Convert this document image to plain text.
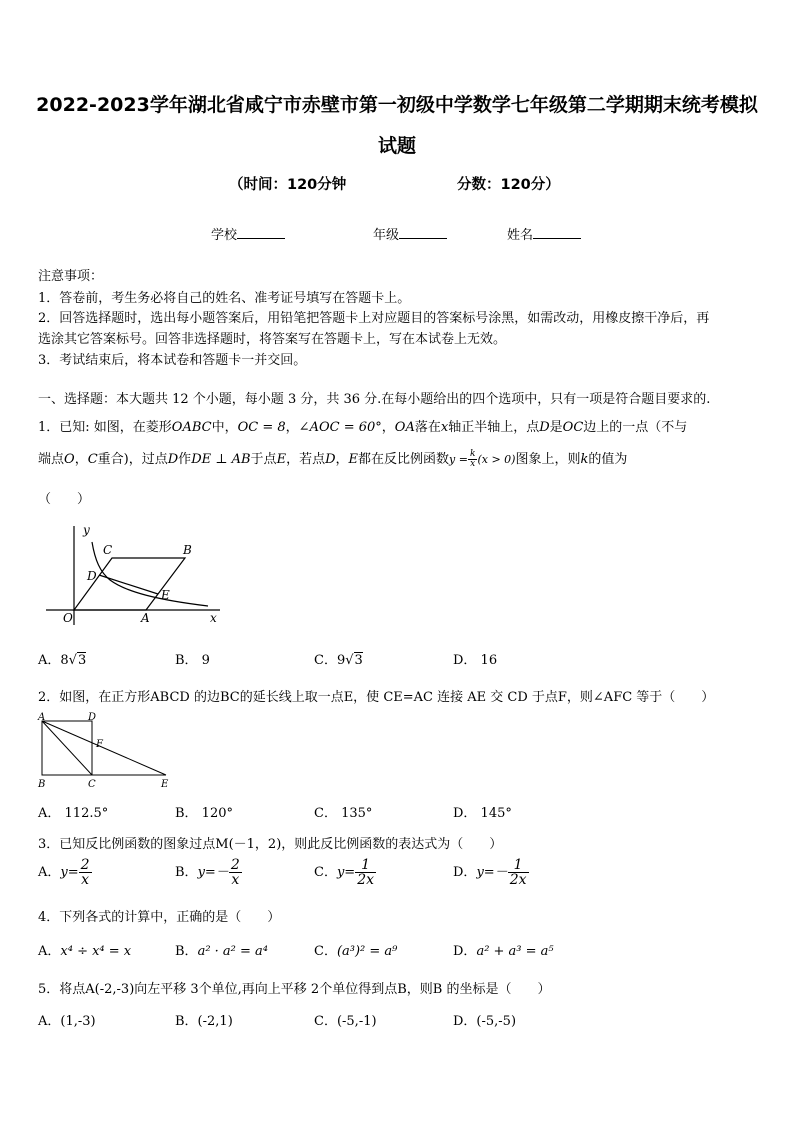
2022-2023学年湖北省咸宁市赤壁市第一初级中学数学七年级第二学期期末统考模拟
试题
（时间：120分钟	分数：120分）
学校	年级	姓名
注意事项：
1．答卷前，考生务必将自己的姓名、准考证号填写在答题卡上。
2．回答选择题时，选出每小题答案后，用铅笔把答题卡上对应题目的答案标号涂黑，如需改动，用橡皮擦干净后，再
选涂其它答案标号。回答非选择题时，将答案写在答题卡上，写在本试卷上无效。
3．考试结束后，将本试卷和答题卡一并交回。
一、选择题：本大题共 12 个小题，每小题 3 分，共 36 分.在每小题给出的四个选项中，只有一项是符合题目要求的.
1．已知: 如图，在菱形OABC中，OC = 8，∠AOC = 60°，OA落在x轴正半轴上，点D是OC边上的一点（不与
端点O，C重合)，过点D作DE ⊥ AB于点E，若点D，E都在反比例函数$y = \frac{k}{x} (x > 0)$图象上，则k的值为
（　　）
y
C	B
D
E
O	A	x
A．8√3	B． 9	C．9√3	D． 16
2．如图，在正方形ABCD 的边BC的延长线上取一点E，使 CE=AC 连接 AE 交 CD 于点F，则∠AFC 等于（　　）
A	D
F
B	C	E
A． 112.5°	B． 120°	C． 135°	D． 145°
3．已知反比例函数的图象过点M(－1，2)，则此反比例函数的表达式为（　　）
A．$y= \frac{2}{x}$	B．$y=- \frac{2}{x}$	C．$y= \frac{1}{2x}$	D．$y=- \frac{1}{2x}$
4．下列各式的计算中，正确的是（　　）
A．x⁴ ÷ x⁴ = x	B．a² · a² = a⁴	C．(a³)² = a⁹	D．a² + a³ = a⁵
5．将点A(-2,-3)向左平移 3个单位,再向上平移 2个单位得到点B，则B 的坐标是（　　）
A．(1,-3)	B．(-2,1)	C．(-5,-1)	D．(-5,-5)
